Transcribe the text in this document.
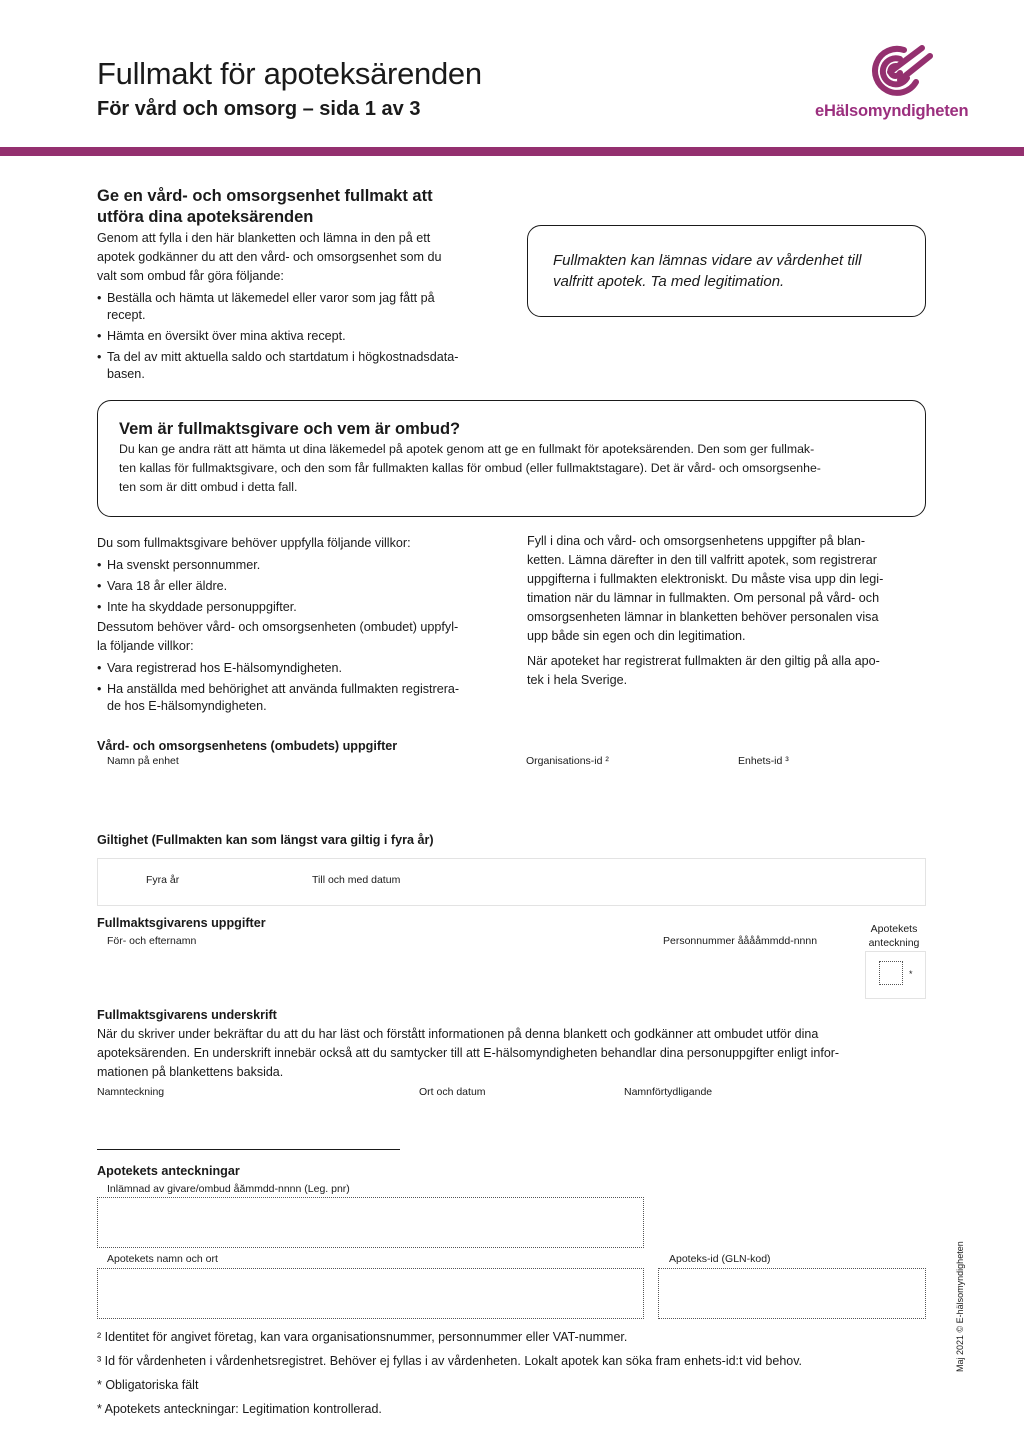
Fullmakt för apoteksärenden
För vård och omsorg – sida 1 av 3	eHälsomyndigheten
Ge en vård- och omsorgsenhet fullmakt att
utföra dina apoteksärenden
Genom att fylla i den här blanketten och lämna in den på ett
apotek godkänner du att den vård- och omsorgsenhet som du
valt som ombud får göra följande:
• Beställa och hämta ut läkemedel eller varor som jag fått på
recept.
• Hämta en översikt över mina aktiva recept.
• Ta del av mitt aktuella saldo och startdatum i högkostnadsdata-
basen.
Fullmakten kan lämnas vidare av vårdenhet till
valfritt apotek. Ta med legitimation.
Vem är fullmaktsgivare och vem är ombud?
Du kan ge andra rätt att hämta ut dina läkemedel på apotek genom att ge en fullmakt för apoteksärenden. Den som ger fullmak-
ten kallas för fullmaktsgivare, och den som får fullmakten kallas för ombud (eller fullmaktstagare). Det är vård- och omsorgsenhe-
ten som är ditt ombud i detta fall.
Du som fullmaktsgivare behöver uppfylla följande villkor:
• Ha svenskt personnummer.
• Vara 18 år eller äldre.
• Inte ha skyddade personuppgifter.
Dessutom behöver vård- och omsorgsenheten (ombudet) uppfyl-
la följande villkor:
• Vara registrerad hos E-hälsomyndigheten.
• Ha anställda med behörighet att använda fullmakten registrera-
de hos E-hälsomyndigheten.
Fyll i dina och vård- och omsorgsenhetens uppgifter på blan-
ketten. Lämna därefter in den till valfritt apotek, som registrerar
uppgifterna i fullmakten elektroniskt. Du måste visa upp din legi-
timation när du lämnar in fullmakten. Om personal på vård- och
omsorgsenheten lämnar in blanketten behöver personalen visa
upp både sin egen och din legitimation.
När apoteket har registrerat fullmakten är den giltig på alla apo-
tek i hela Sverige.
Vård- och omsorgsenhetens (ombudets) uppgifter
Namn på enhet	Organisations-id ²	Enhets-id ³
Giltighet (Fullmakten kan som längst vara giltig i fyra år)
Fyra år	Till och med datum
Fullmaktsgivarens uppgifter
För- och efternamn	Personnummer ååååmmdd-nnnn
Apotekets
anteckning
*
Fullmaktsgivarens underskrift
När du skriver under bekräftar du att du har läst och förstått informationen på denna blankett och godkänner att ombudet utför dina
apoteksärenden. En underskrift innebär också att du samtycker till att E-hälsomyndigheten behandlar dina personuppgifter enligt infor-
mationen på blankettens baksida.
Namnteckning	Ort och datum	Namnförtydligande
Apotekets anteckningar
Inlämnad av givare/ombud åămmdd-nnnn (Leg. pnr)
Apotekets namn och ort	Apoteks-id (GLN-kod)
² Identitet för angivet företag, kan vara organisationsnummer, personnummer eller VAT-nummer.
³ Id för vårdenheten i vårdenhetsregistret. Behöver ej fyllas i av vårdenheten. Lokalt apotek kan söka fram enhets-id:t vid behov.
* Obligatoriska fält
* Apotekets anteckningar: Legitimation kontrollerad.
Maj 2021 © E-hälsomyndigheten
